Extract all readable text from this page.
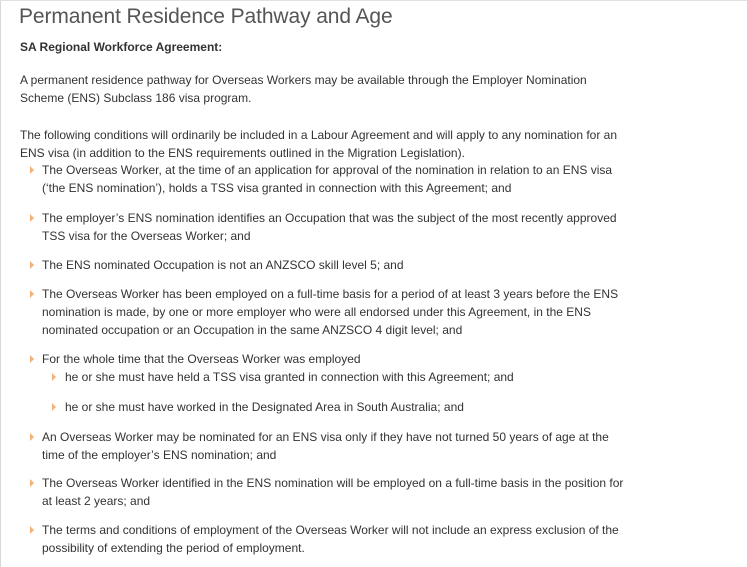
Permanent Residence Pathway and Age
SA Regional Workforce Agreement:

A permanent residence pathway for Overseas Workers may be available through the Employer Nomination Scheme (ENS) Subclass 186 visa program.

The following conditions will ordinarily be included in a Labour Agreement and will apply to any nomination for an ENS visa (in addition to the ENS requirements outlined in the Migration Legislation).

The Overseas Worker, at the time of an application for approval of the nomination in relation to an ENS visa (‘the ENS nomination’), holds a TSS visa granted in connection with this Agreement; and
The employer’s ENS nomination identifies an Occupation that was the subject of the most recently approved TSS visa for the Overseas Worker; and
The ENS nominated Occupation is not an ANZSCO skill level 5; and
The Overseas Worker has been employed on a full-time basis for a period of at least 3 years before the ENS nomination is made, by one or more employer who were all endorsed under this Agreement, in the ENS nominated occupation or an Occupation in the same ANZSCO 4 digit level; and
For the whole time that the Overseas Worker was employed
he or she must have held a TSS visa granted in connection with this Agreement; and
he or she must have worked in the Designated Area in South Australia; and
An Overseas Worker may be nominated for an ENS visa only if they have not turned 50 years of age at the time of the employer’s ENS nomination; and
The Overseas Worker identified in the ENS nomination will be employed on a full-time basis in the position for at least 2 years; and
The terms and conditions of employment of the Overseas Worker will not include an express exclusion of the possibility of extending the period of employment.
